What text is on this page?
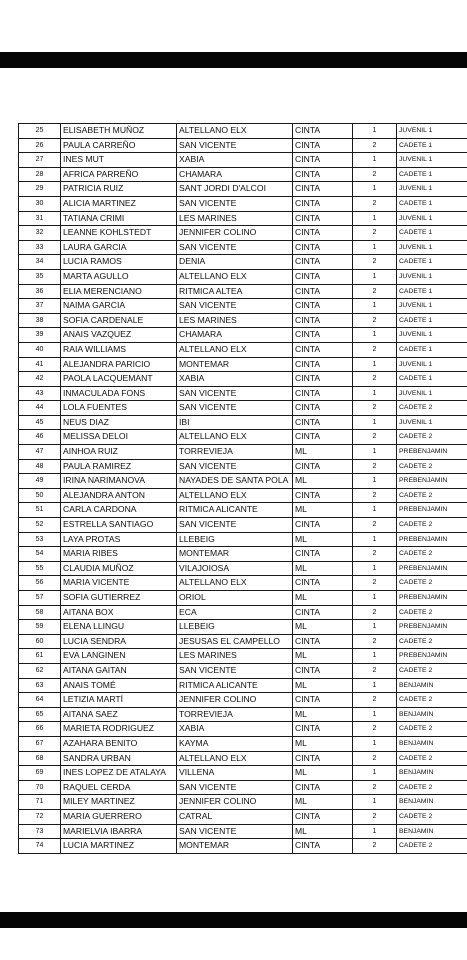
25	ELISABETH MUÑOZ	ALTELLANO ELX	CINTA	1	JUVENIL 1
26	PAULA CARREÑO	SAN VICENTE	CINTA	2	CADETE 1
27	INES MUT	XABIA	CINTA	1	JUVENIL 1
28	AFRICA PARREÑO	CHAMARA	CINTA	2	CADETE 1
29	PATRICIA RUIZ	SANT JORDI D'ALCOI	CINTA	1	JUVENIL 1
30	ALICIA MARTINEZ	SAN VICENTE	CINTA	2	CADETE 1
31	TATIANA CRIMI	LES MARINES	CINTA	1	JUVENIL 1
32	LEANNE KOHLSTEDT	JENNIFER COLINO	CINTA	2	CADETE 1
33	LAURA GARCIA	SAN VICENTE	CINTA	1	JUVENIL 1
34	LUCIA RAMOS	DENIA	CINTA	2	CADETE 1
35	MARTA AGULLO	ALTELLANO ELX	CINTA	1	JUVENIL 1
36	ELIA MERENCIANO	RITMICA ALTEA	CINTA	2	CADETE 1
37	NAIMA GARCIA	SAN VICENTE	CINTA	1	JUVENIL 1
38	SOFIA CARDENALE	LES MARINES	CINTA	2	CADETE 1
39	ANAIS VAZQUEZ	CHAMARA	CINTA	1	JUVENIL 1
40	RAIA WILLIAMS	ALTELLANO ELX	CINTA	2	CADETE 1
41	ALEJANDRA PARICIO	MONTEMAR	CINTA	1	JUVENIL 1
42	PAOLA LACQUEMANT	XABIA	CINTA	2	CADETE 1
43	INMACULADA FONS	SAN VICENTE	CINTA	1	JUVENIL 1
44	LOLA FUENTES	SAN VICENTE	CINTA	2	CADETE 2
45	NEUS DIAZ	IBI	CINTA	1	JUVENIL 1
46	MELISSA DELOI	ALTELLANO ELX	CINTA	2	CADETE 2
47	AINHOA RUIZ	TORREVIEJA	ML	1	PREBENJAMIN
48	PAULA RAMIREZ	SAN VICENTE	CINTA	2	CADETE 2
49	IRINA NARIMANOVA	NAYADES DE SANTA POLA	ML	1	PREBENJAMIN
50	ALEJANDRA ANTON	ALTELLANO ELX	CINTA	2	CADETE 2
51	CARLA CARDONA	RITMICA ALICANTE	ML	1	PREBENJAMIN
52	ESTRELLA SANTIAGO	SAN VICENTE	CINTA	2	CADETE 2
53	LAYA PROTAS	LLEBEIG	ML	1	PREBENJAMIN
54	MARIA RIBES	MONTEMAR	CINTA	2	CADETE 2
55	CLAUDIA MUÑOZ	VILAJOIOSA	ML	1	PREBENJAMIN
56	MARIA VICENTE	ALTELLANO ELX	CINTA	2	CADETE 2
57	SOFIA GUTIERREZ	ORIOL	ML	1	PREBENJAMIN
58	AITANA BOX	ECA	CINTA	2	CADETE 2
59	ELENA LLINGU	LLEBEIG	ML	1	PREBENJAMIN
60	LUCIA SENDRA	JESUSAS EL CAMPELLO	CINTA	2	CADETE 2
61	EVA LANGINEN	LES MARINES	ML	1	PREBENJAMIN
62	AITANA GAITAN	SAN VICENTE	CINTA	2	CADETE 2
63	ANAIS TOMÉ	RITMICA ALICANTE	ML	1	BENJAMIN
64	LETIZIA MARTÍ	JENNIFER COLINO	CINTA	2	CADETE 2
65	AITANA SAEZ	TORREVIEJA	ML	1	BENJAMIN
66	MARIETA RODRIGUEZ	XABIA	CINTA	2	CADETE 2
67	AZAHARA BENITO	KAYMA	ML	1	BENJAMIN
68	SANDRA URBAN	ALTELLANO ELX	CINTA	2	CADETE 2
69	INES LOPEZ DE ATALAYA	VILLENA	ML	1	BENJAMIN
70	RAQUEL CERDA	SAN VICENTE	CINTA	2	CADETE 2
71	MILEY MARTINEZ	JENNIFER COLINO	ML	1	BENJAMIN
72	MARIA GUERRERO	CATRAL	CINTA	2	CADETE 2
73	MARIELVIA IBARRA	SAN VICENTE	ML	1	BENJAMIN
74	LUCIA MARTINEZ	MONTEMAR	CINTA	2	CADETE 2
